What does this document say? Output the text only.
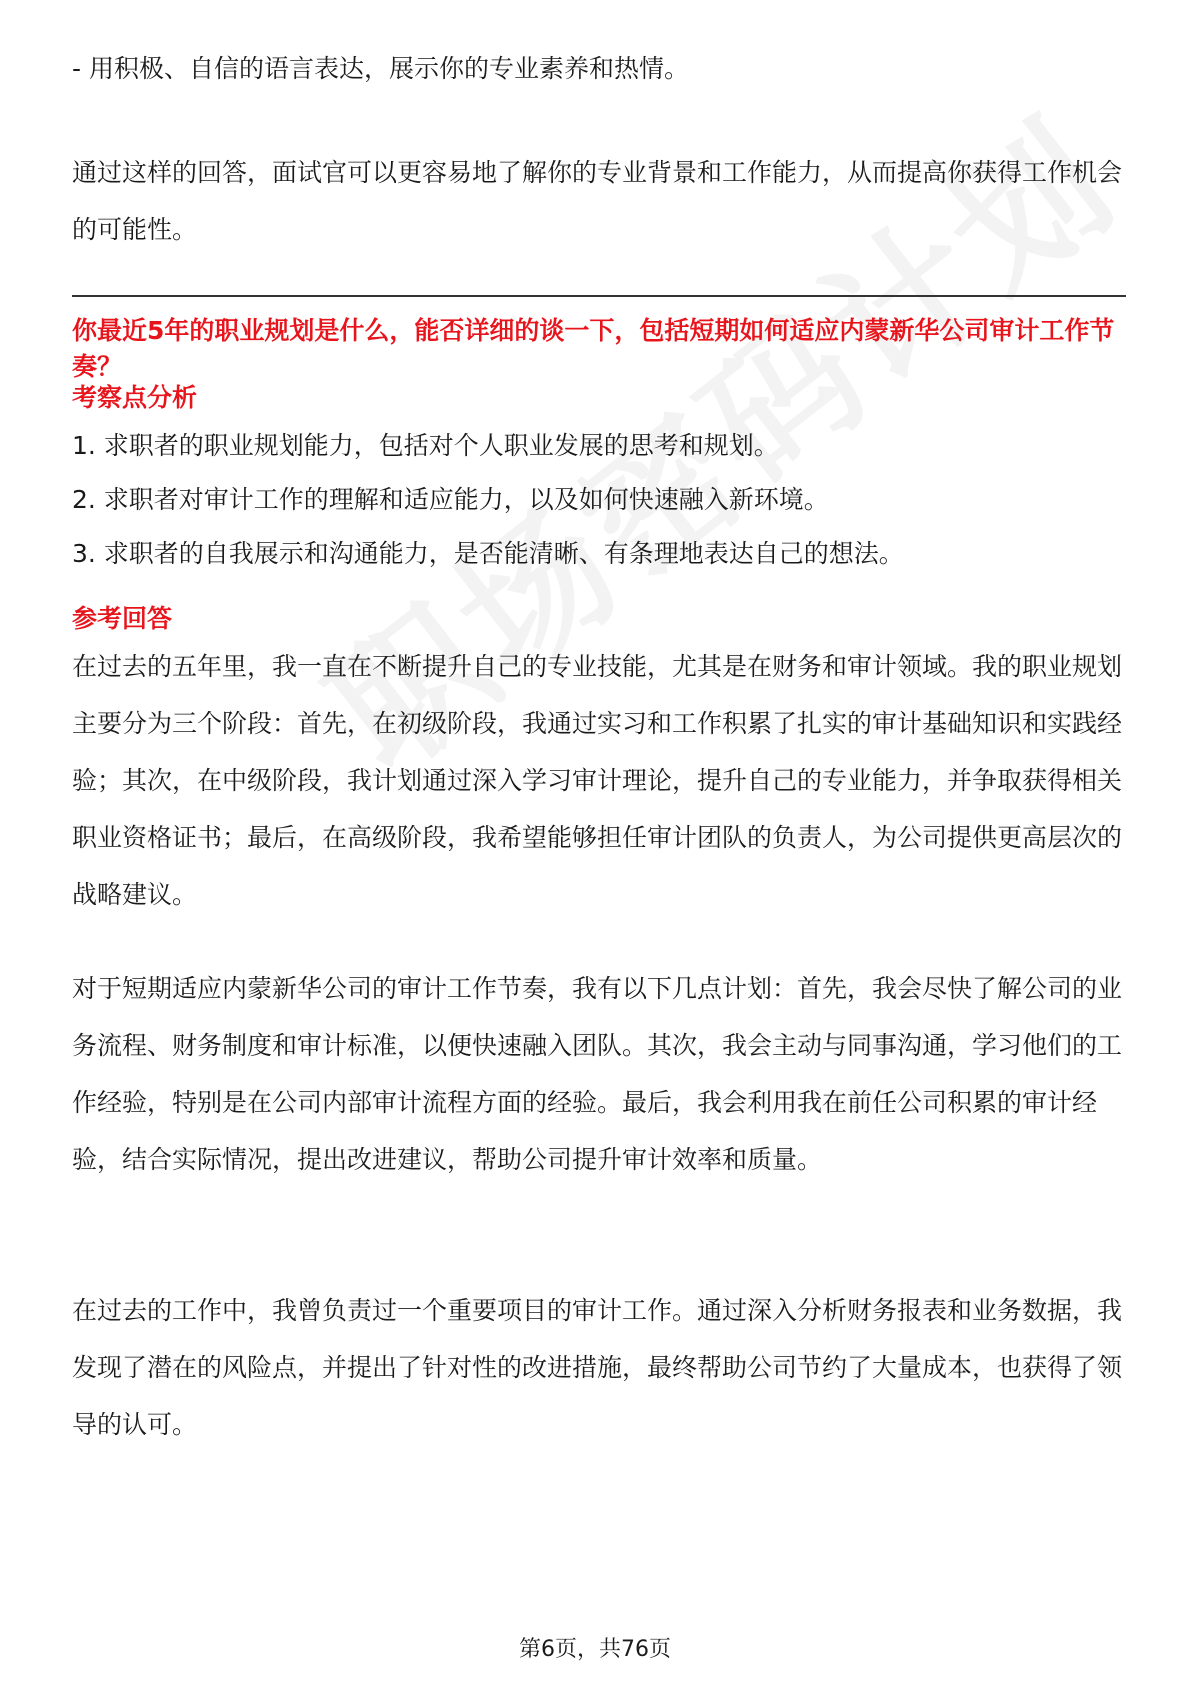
- 用积极、自信的语言表达，展示你的专业素养和热情。

通过这样的回答，面试官可以更容易地了解你的专业背景和工作能力，从而提高你获得工作机会的可能性。

你最近5年的职业规划是什么，能否详细的谈一下，包括短期如何适应内蒙新华公司审计工作节奏？

考察点分析

1. 求职者的职业规划能力，包括对个人职业发展的思考和规划。

2. 求职者对审计工作的理解和适应能力，以及如何快速融入新环境。

3. 求职者的自我展示和沟通能力，是否能清晰、有条理地表达自己的想法。

参考回答

在过去的五年里，我一直在不断提升自己的专业技能，尤其是在财务和审计领域。我的职业规划主要分为三个阶段：首先，在初级阶段，我通过实习和工作积累了扎实的审计基础知识和实践经验；其次，在中级阶段，我计划通过深入学习审计理论，提升自己的专业能力，并争取获得相关职业资格证书；最后，在高级阶段，我希望能够担任审计团队的负责人，为公司提供更高层次的战略建议。

对于短期适应内蒙新华公司的审计工作节奏，我有以下几点计划：首先，我会尽快了解公司的业务流程、财务制度和审计标准，以便快速融入团队。其次，我会主动与同事沟通，学习他们的工作经验，特别是在公司内部审计流程方面的经验。最后，我会利用我在前任公司积累的审计经验，结合实际情况，提出改进建议，帮助公司提升审计效率和质量。

在过去的工作中，我曾负责过一个重要项目的审计工作。通过深入分析财务报表和业务数据，我发现了潜在的风险点，并提出了针对性的改进措施，最终帮助公司节约了大量成本，也获得了领导的认可。

第6页，共76页
